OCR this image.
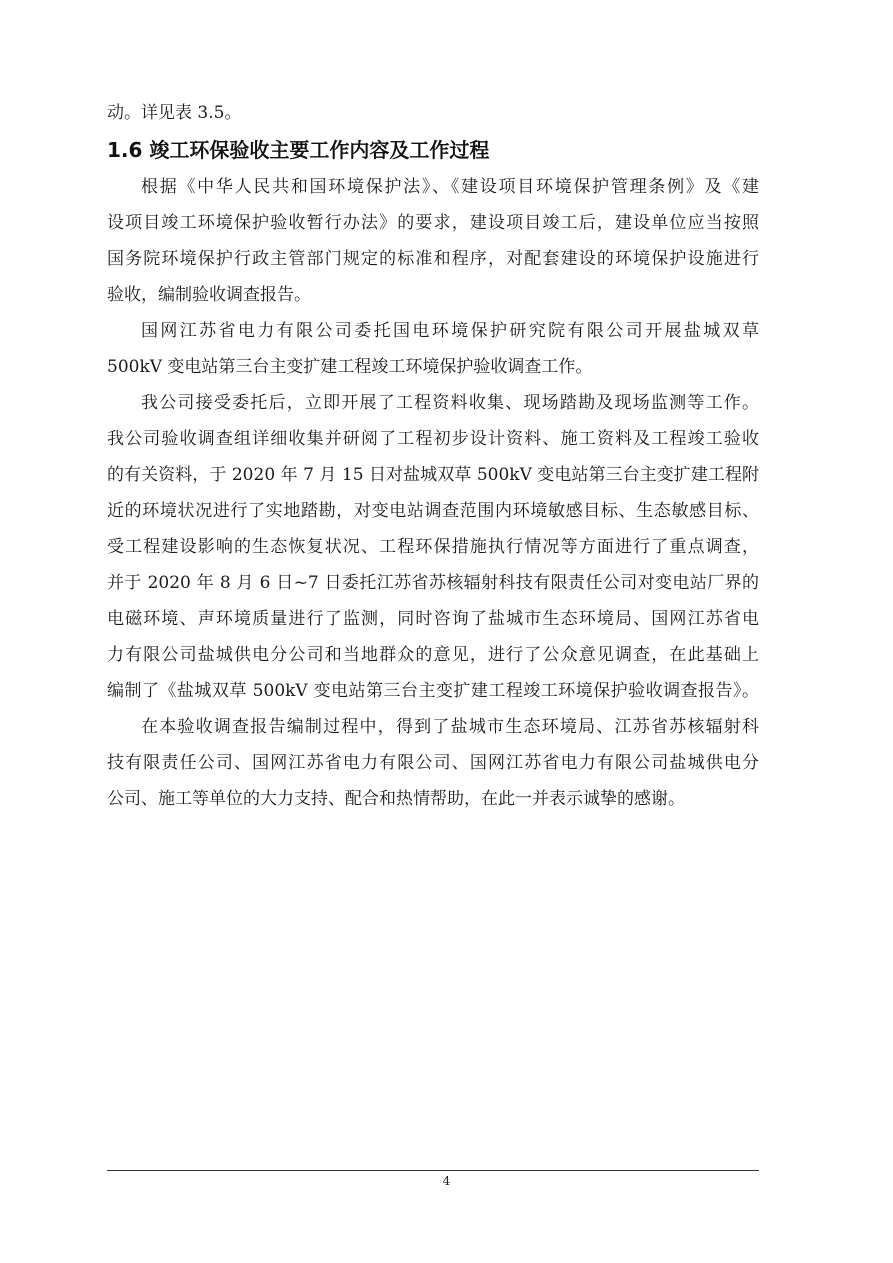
动。详见表 3.5。
1.6 竣工环保验收主要工作内容及工作过程
根据《中华人民共和国环境保护法》、《建设项目环境保护管理条例》及《建
设项目竣工环境保护验收暂行办法》的要求，建设项目竣工后，建设单位应当按照
国务院环境保护行政主管部门规定的标准和程序，对配套建设的环境保护设施进行
验收，编制验收调查报告。
国网江苏省电力有限公司委托国电环境保护研究院有限公司开展盐城双草
500kV 变电站第三台主变扩建工程竣工环境保护验收调查工作。
我公司接受委托后，立即开展了工程资料收集、现场踏勘及现场监测等工作。
我公司验收调查组详细收集并研阅了工程初步设计资料、施工资料及工程竣工验收
的有关资料，于 2020 年 7 月 15 日对盐城双草 500kV 变电站第三台主变扩建工程附
近的环境状况进行了实地踏勘，对变电站调查范围内环境敏感目标、生态敏感目标、
受工程建设影响的生态恢复状况、工程环保措施执行情况等方面进行了重点调查，
并于 2020 年 8 月 6 日~7 日委托江苏省苏核辐射科技有限责任公司对变电站厂界的
电磁环境、声环境质量进行了监测，同时咨询了盐城市生态环境局、国网江苏省电
力有限公司盐城供电分公司和当地群众的意见，进行了公众意见调查，在此基础上
编制了《盐城双草 500kV 变电站第三台主变扩建工程竣工环境保护验收调查报告》。
在本验收调查报告编制过程中，得到了盐城市生态环境局、江苏省苏核辐射科
技有限责任公司、国网江苏省电力有限公司、国网江苏省电力有限公司盐城供电分
公司、施工等单位的大力支持、配合和热情帮助，在此一并表示诚挚的感谢。
4
